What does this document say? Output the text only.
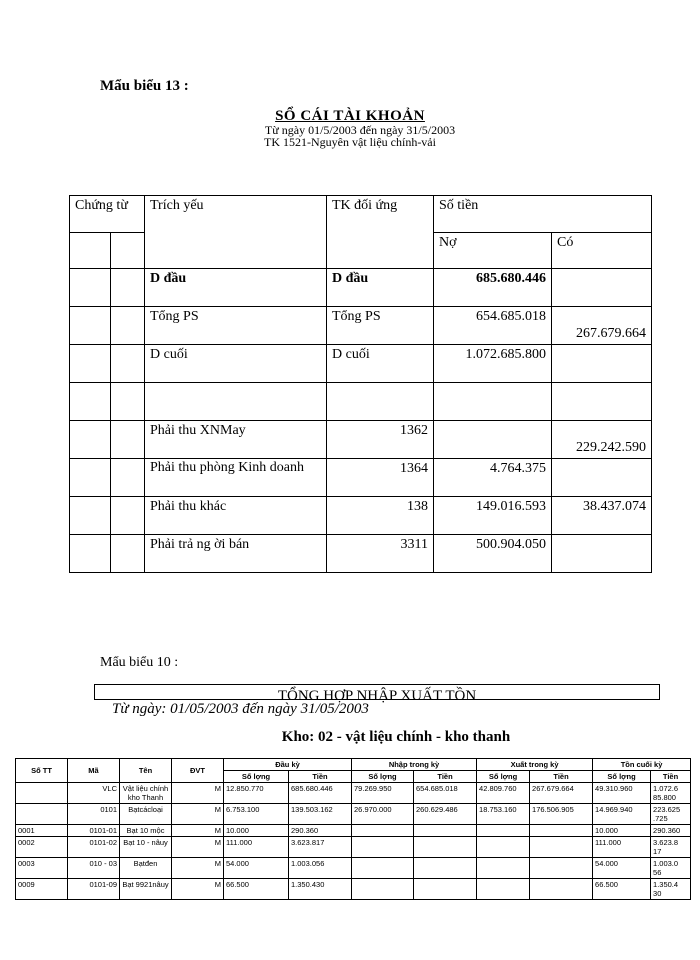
Mẩu biểu 13 :
SỔ CÁI TÀI KHOẢN
Từ ngày 01/5/2003 đến ngày 31/5/2003
TK 1521-Nguyên vật liệu chính-vải
Chứng từ		Trích yếu	TK đối ứng	Số tiền	
				Nợ	Có
		D đầu	D đầu	685.680.446	
		Tổng PS	Tổng PS	654.685.018	267.679.664
		D cuối	D cuối	1.072.685.800	

		Phải thu XNMay	1362		229.242.590
		Phải thu phòng Kinh doanh	1364	4.764.375	
		Phải thu khác	138	149.016.593	38.437.074
		Phải trả ng ời bán	3311	500.904.050	
Mẩu biểu 10 :
TỔNG HỢP NHẬP XUẤT TỒN
Từ ngày: 01/05/2003 đến ngày 31/05/2003
Kho: 02 - vật liệu chính - kho thanh
Số TT	Mã	Tên	ĐVT	Đầu kỳ		Nhập trong kỳ		Xuất trong kỳ		Tồn cuối kỳ	
				Số lợng	Tiền	Số lợng	Tiền	Số lợng	Tiền	Số lợng	Tiền
	VLC	Vật liệu chính kho Thanh	M	12.850.770	685.680.446	79.269.950	654.685.018	42.809.760	267.679.664	49.310.960	1.072.6 85.800
	0101	Bạtcácloại	M	6.753.100	139.503.162	26.970.000	260.629.486	18.753.160	176.506.905	14.969.940	223.625 .725
0001	0101-01	Bạt 10 mộc	M	10.000	290.360					10.000	290.360
0002	0101-02	Bạt 10 - nâuy	M	111.000	3.623.817					111.000	3.623.8 17
0003	010 - 03	Bạtđen	M	54.000	1.003.056					54.000	1.003.0 56
0009	0101-09	Bạt 9921nâuy	M	66.500	1.350.430					66.500	1.350.4 30
